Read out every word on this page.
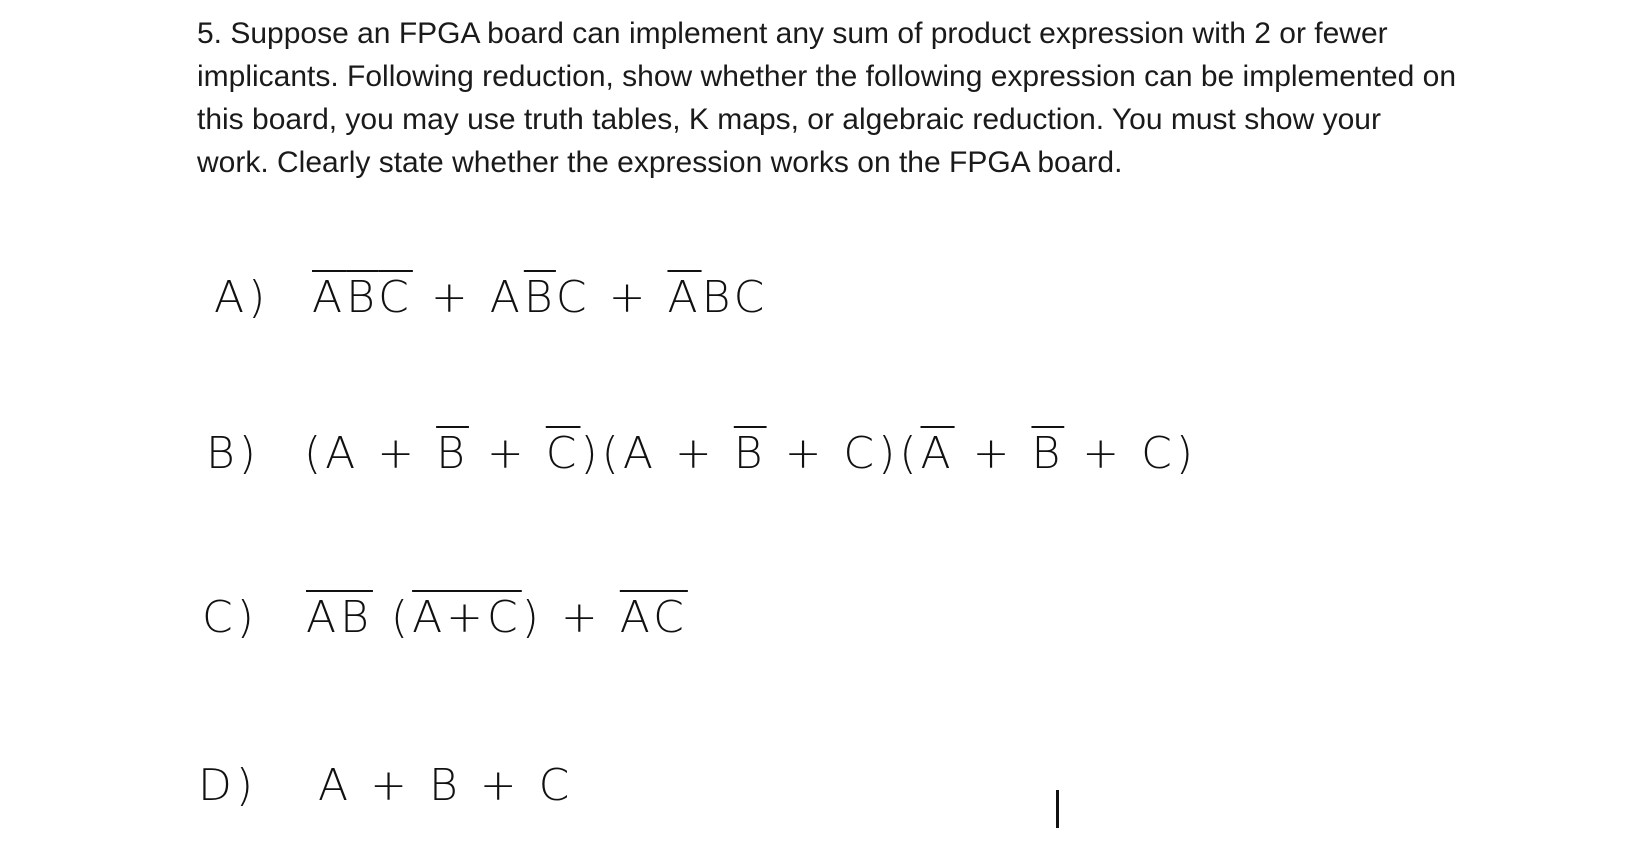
5. Suppose an FPGA board can implement any sum of product expression with 2 or fewer implicants. Following reduction, show whether the following expression can be implemented on this board, you may use truth tables, K maps, or algebraic reduction. You must show your work. Clearly state whether the expression works on the FPGA board.

A) $\overline{A}\overline{B}\overline{C} + A\overline{B}C + \overline{A}BC$
B) $(A + \overline{B} + \overline{C})(A + \overline{B} + C)(\overline{A} + \overline{B} + C)$
C) $\overline{AB}$ $(A+C) + \overline{AC}$
D) A + B + C
